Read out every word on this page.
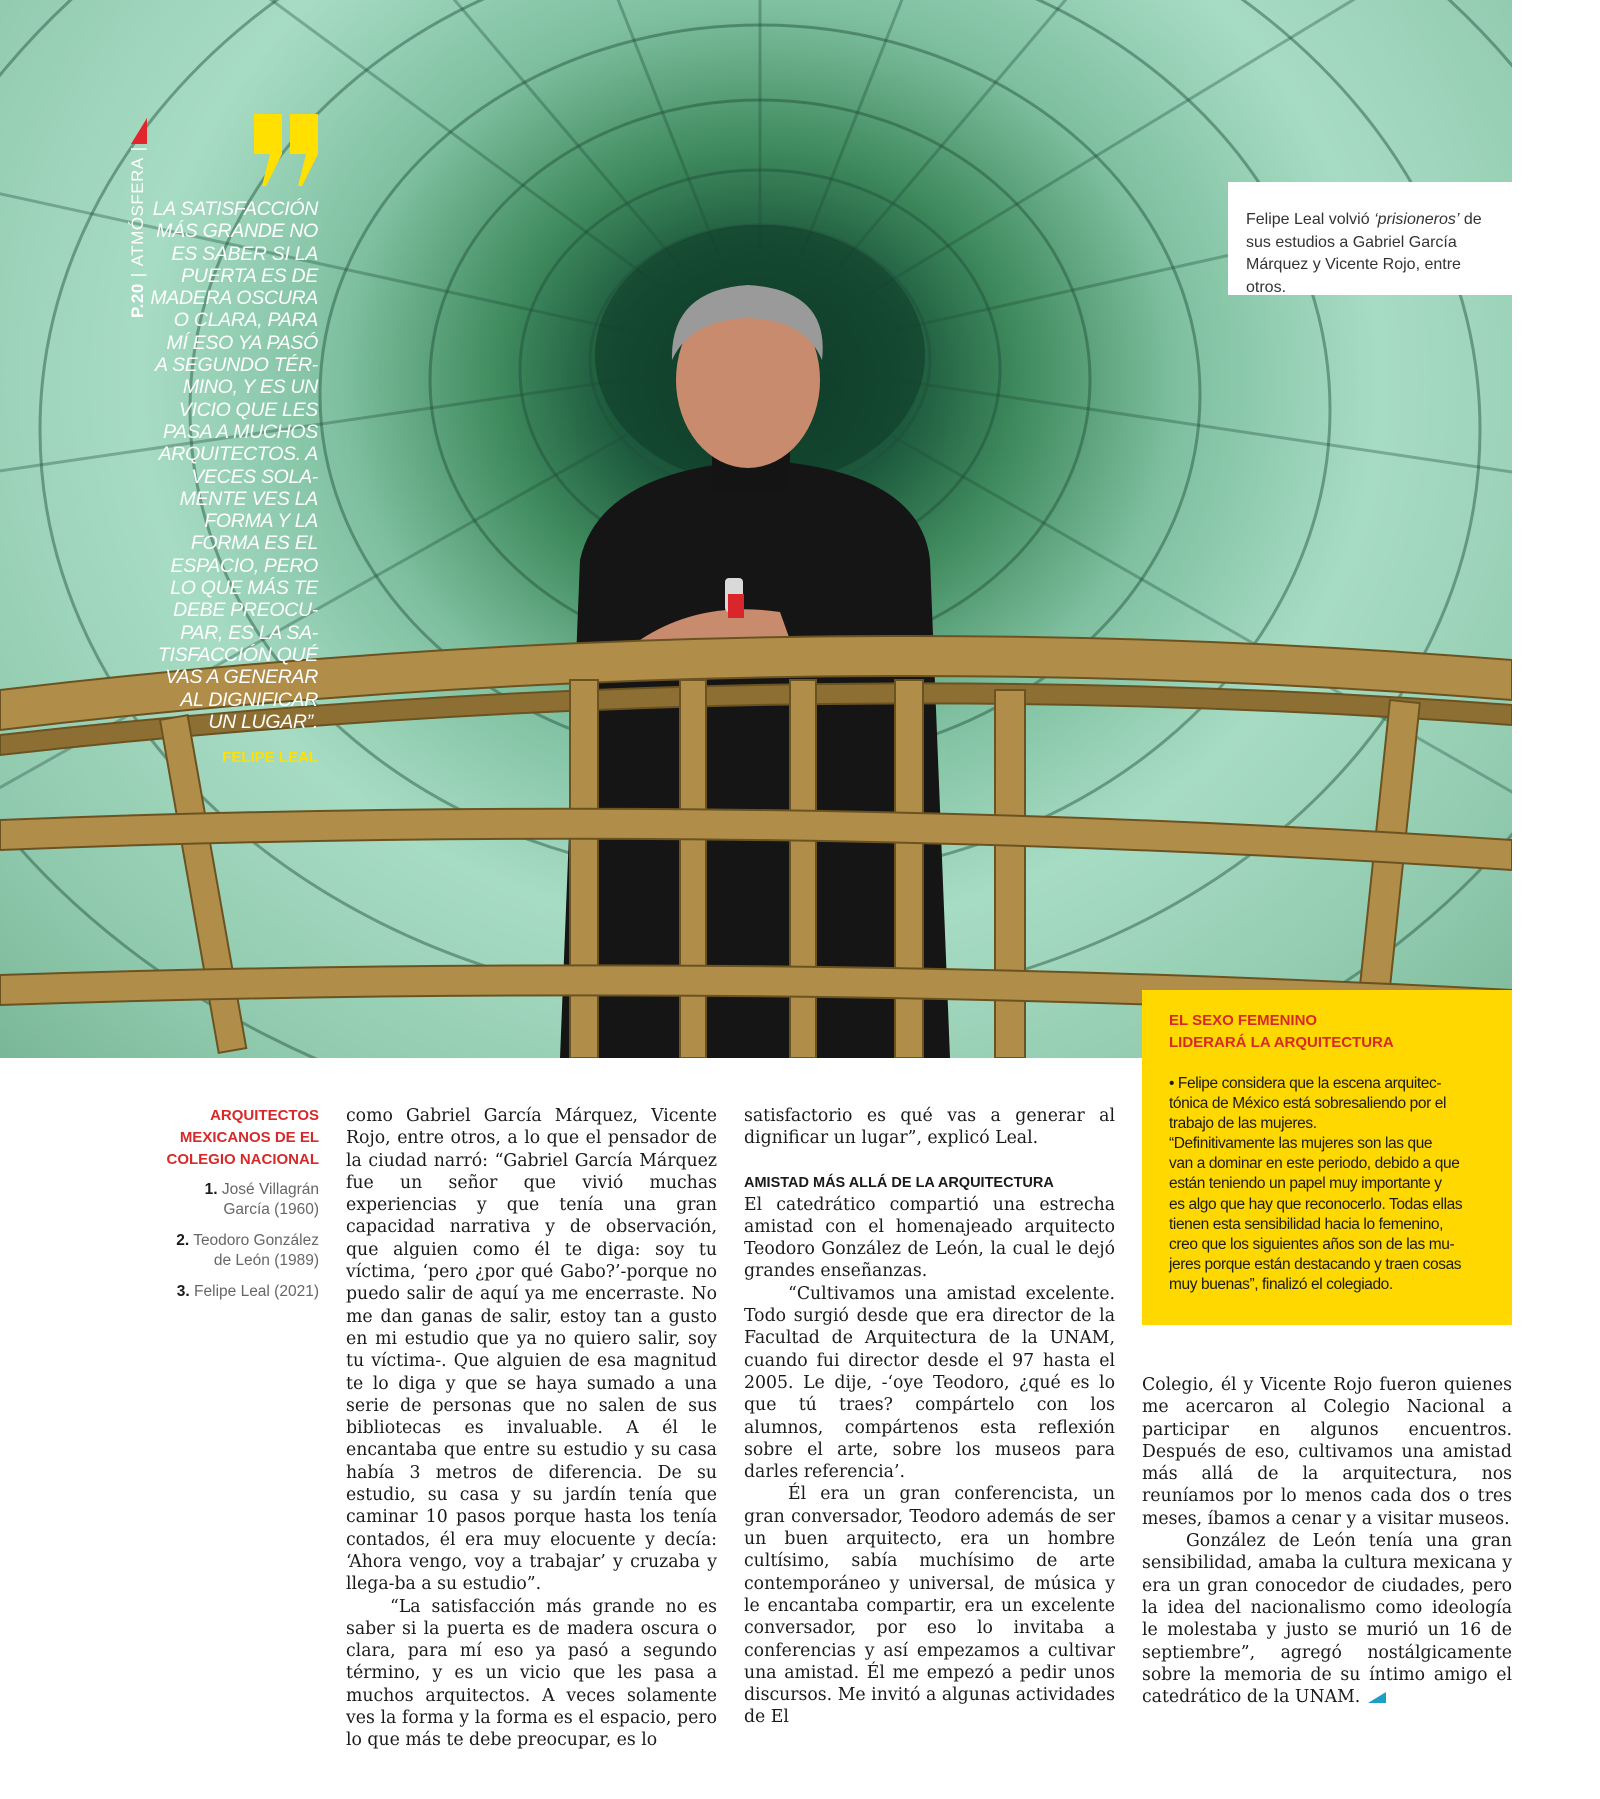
P.20|ATMÓSFERA|
LA SATISFACCIÓN
MÁS GRANDE NO
ES SABER SI LA
PUERTA ES DE
MADERA OSCURA
O CLARA, PARA
MÍ ESO YA PASÓ
A SEGUNDO TÉR-
MINO, Y ES UN
VICIO QUE LES
PASA A MUCHOS
ARQUITECTOS. A
VECES SOLA-
MENTE VES LA
FORMA Y LA
FORMA ES EL
ESPACIO, PERO
LO QUE MÁS TE
DEBE PREOCU-
PAR, ES LA SA-
TISFACCIÓN QUÉ
VAS A GENERAR
AL DIGNIFICAR
UN LUGAR”.
FELIPE LEAL
Felipe Leal volvió ‘prisioneros’ de sus estudios a Gabriel García Márquez y Vicente Rojo, entre otros.
EL SEXO FEMENINO
LIDERARÁ LA ARQUITECTURA
• Felipe considera que la escena arquitec-
tónica de México está sobresaliendo por el
trabajo de las mujeres.
“Definitivamente las mujeres son las que
van a dominar en este periodo, debido a que
están teniendo un papel muy importante y
es algo que hay que reconocerlo. Todas ellas
tienen esta sensibilidad hacia lo femenino,
creo que los siguientes años son de las mu-
jeres porque están destacando y traen cosas
muy buenas”, finalizó el colegiado.
ARQUITECTOS
MEXICANOS DE EL
COLEGIO NACIONAL
1. José Villagrán
García (1960)
2. Teodoro González
de León (1989)
3. Felipe Leal (2021)

como Gabriel García Márquez, Vicente Rojo, entre otros, a lo que el pensador de la ciudad narró: “Gabriel García Márquez fue un señor que vivió muchas experiencias y que tenía una gran capacidad narrativa y de observación, que alguien como él te diga: soy tu víctima, ‘pero ¿por qué Gabo?’-porque no puedo salir de aquí ya me encerraste. No me dan ganas de salir, estoy tan a gusto en mi estudio que ya no quiero salir, soy tu víctima-. Que alguien de esa magnitud te lo diga y que se haya sumado a una serie de personas que no salen de sus bibliotecas es invaluable. A él le encantaba que entre su estudio y su casa había 3 metros de diferencia. De su estudio, su casa y su jardín tenía que caminar 10 pasos porque hasta los tenía contados, él era muy elocuente y decía: ‘Ahora vengo, voy a trabajar’ y cruzaba y llega-ba a su estudio”.

“La satisfacción más grande no es saber si la puerta es de madera oscura o clara, para mí eso ya pasó a segundo término, y es un vicio que les pasa a muchos arquitectos. A veces solamente ves la forma y la forma es el espacio, pero lo que más te debe preocupar, es lo

satisfactorio es qué vas a generar al dignificar un lugar”, explicó Leal.

AMISTAD MÁS ALLÁ DE LA ARQUITECTURA

El catedrático compartió una estrecha amistad con el homenajeado arquitecto Teodoro González de León, la cual le dejó grandes enseñanzas.

“Cultivamos una amistad excelente. Todo surgió desde que era director de la Facultad de Arquitectura de la UNAM, cuando fui director desde el 97 hasta el 2005. Le dije, -‘oye Teodoro, ¿qué es lo que tú traes? compártelo con los alumnos, compártenos esta reflexión sobre el arte, sobre los museos para darles referencia’.

Él era un gran conferencista, un gran conversador, Teodoro además de ser un buen arquitecto, era un hombre cultísimo, sabía muchísimo de arte contemporáneo y universal, de música y le encantaba compartir, era un excelente conversador, por eso lo invitaba a conferencias y así empezamos a cultivar una amistad. Él me empezó a pedir unos discursos. Me invitó a algunas actividades de El

Colegio, él y Vicente Rojo fueron quienes me acercaron al Colegio Nacional a participar en algunos encuentros. Después de eso, cultivamos una amistad más allá de la arquitectura, nos reuníamos por lo menos cada dos o tres meses, íbamos a cenar y a visitar museos.

González de León tenía una gran sensibilidad, amaba la cultura mexicana y era un gran conocedor de ciudades, pero la idea del nacionalismo como ideología le molestaba y justo se murió un 16 de septiembre”, agregó nostálgicamente sobre la memoria de su íntimo amigo el catedrático de la UNAM.
